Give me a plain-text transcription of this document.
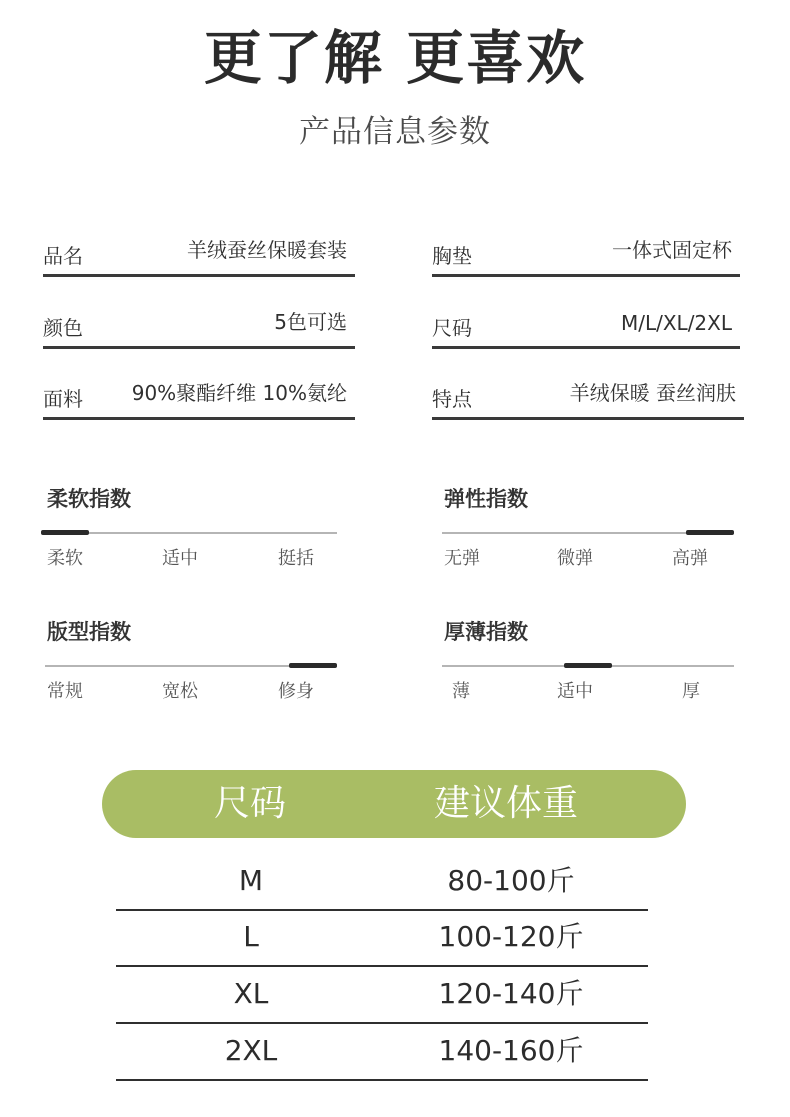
更了解 更喜欢
产品信息参数
品名	羊绒蚕丝保暖套装
颜色	5色可选
面料 90%聚酯纤维 10%氨纶
胸垫	一体式固定杯
尺码	M/L/XL/2XL
特点	羊绒保暖 蚕丝润肤
柔软指数
柔软	适中	挺括
弹性指数
无弹	微弹	高弹
版型指数
常规	宽松	修身
厚薄指数
薄	适中	厚
尺码	建议体重
M	80-100斤
L	100-120斤
XL	120-140斤
2XL	140-160斤
